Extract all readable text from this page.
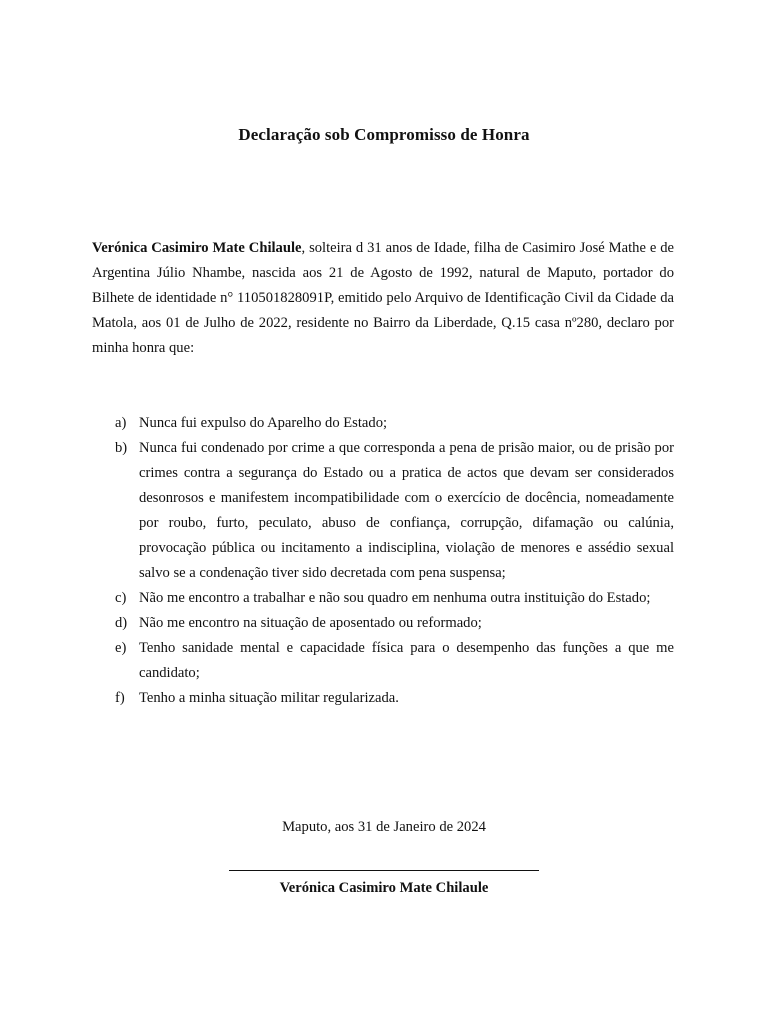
Declaração sob Compromisso de Honra

Verónica Casimiro Mate Chilaule, solteira d 31 anos de Idade, filha de Casimiro José Mathe e de Argentina Júlio Nhambe, nascida aos 21 de Agosto de 1992, natural de Maputo, portador do Bilhete de identidade n° 110501828091P, emitido pelo Arquivo de Identificação Civil da Cidade da Matola, aos 01 de Julho de 2022, residente no Bairro da Liberdade, Q.15 casa nº280, declaro por minha honra que:

a) Nunca fui expulso do Aparelho do Estado;
b) Nunca fui condenado por crime a que corresponda a pena de prisão maior, ou de prisão por crimes contra a segurança do Estado ou a pratica de actos que devam ser considerados desonrosos e manifestem incompatibilidade com o exercício de docência, nomeadamente por roubo, furto, peculato, abuso de confiança, corrupção, difamação ou calúnia, provocação pública ou incitamento a indisciplina, violação de menores e assédio sexual salvo se a condenação tiver sido decretada com pena suspensa;
c) Não me encontro a trabalhar e não sou quadro em nenhuma outra instituição do Estado;
d) Não me encontro na situação de aposentado ou reformado;
e) Tenho sanidade mental e capacidade física para o desempenho das funções a que me candidato;
f) Tenho a minha situação militar regularizada.
Maputo, aos 31 de Janeiro de 2024
Verónica Casimiro Mate Chilaule
